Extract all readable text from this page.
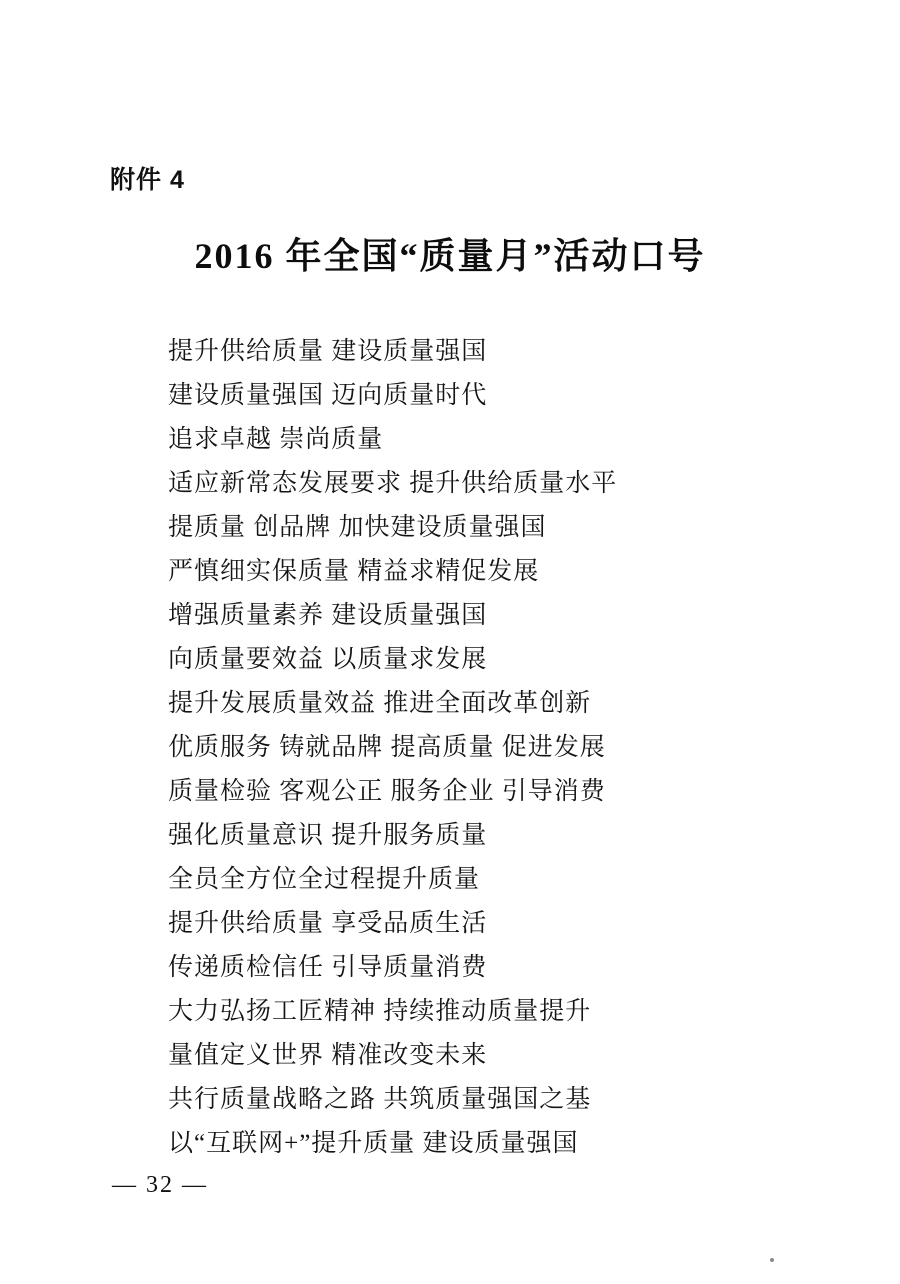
附件 4
2016 年全国“质量月”活动口号
提升供给质量 建设质量强国
建设质量强国 迈向质量时代
追求卓越 崇尚质量
适应新常态发展要求 提升供给质量水平
提质量 创品牌 加快建设质量强国
严慎细实保质量 精益求精促发展
增强质量素养 建设质量强国
向质量要效益 以质量求发展
提升发展质量效益 推进全面改革创新
优质服务 铸就品牌 提高质量 促进发展
质量检验 客观公正 服务企业 引导消费
强化质量意识 提升服务质量
全员全方位全过程提升质量
提升供给质量 享受品质生活
传递质检信任 引导质量消费
大力弘扬工匠精神 持续推动质量提升
量值定义世界 精准改变未来
共行质量战略之路 共筑质量强国之基
以“互联网+”提升质量 建设质量强国
— 32 —
